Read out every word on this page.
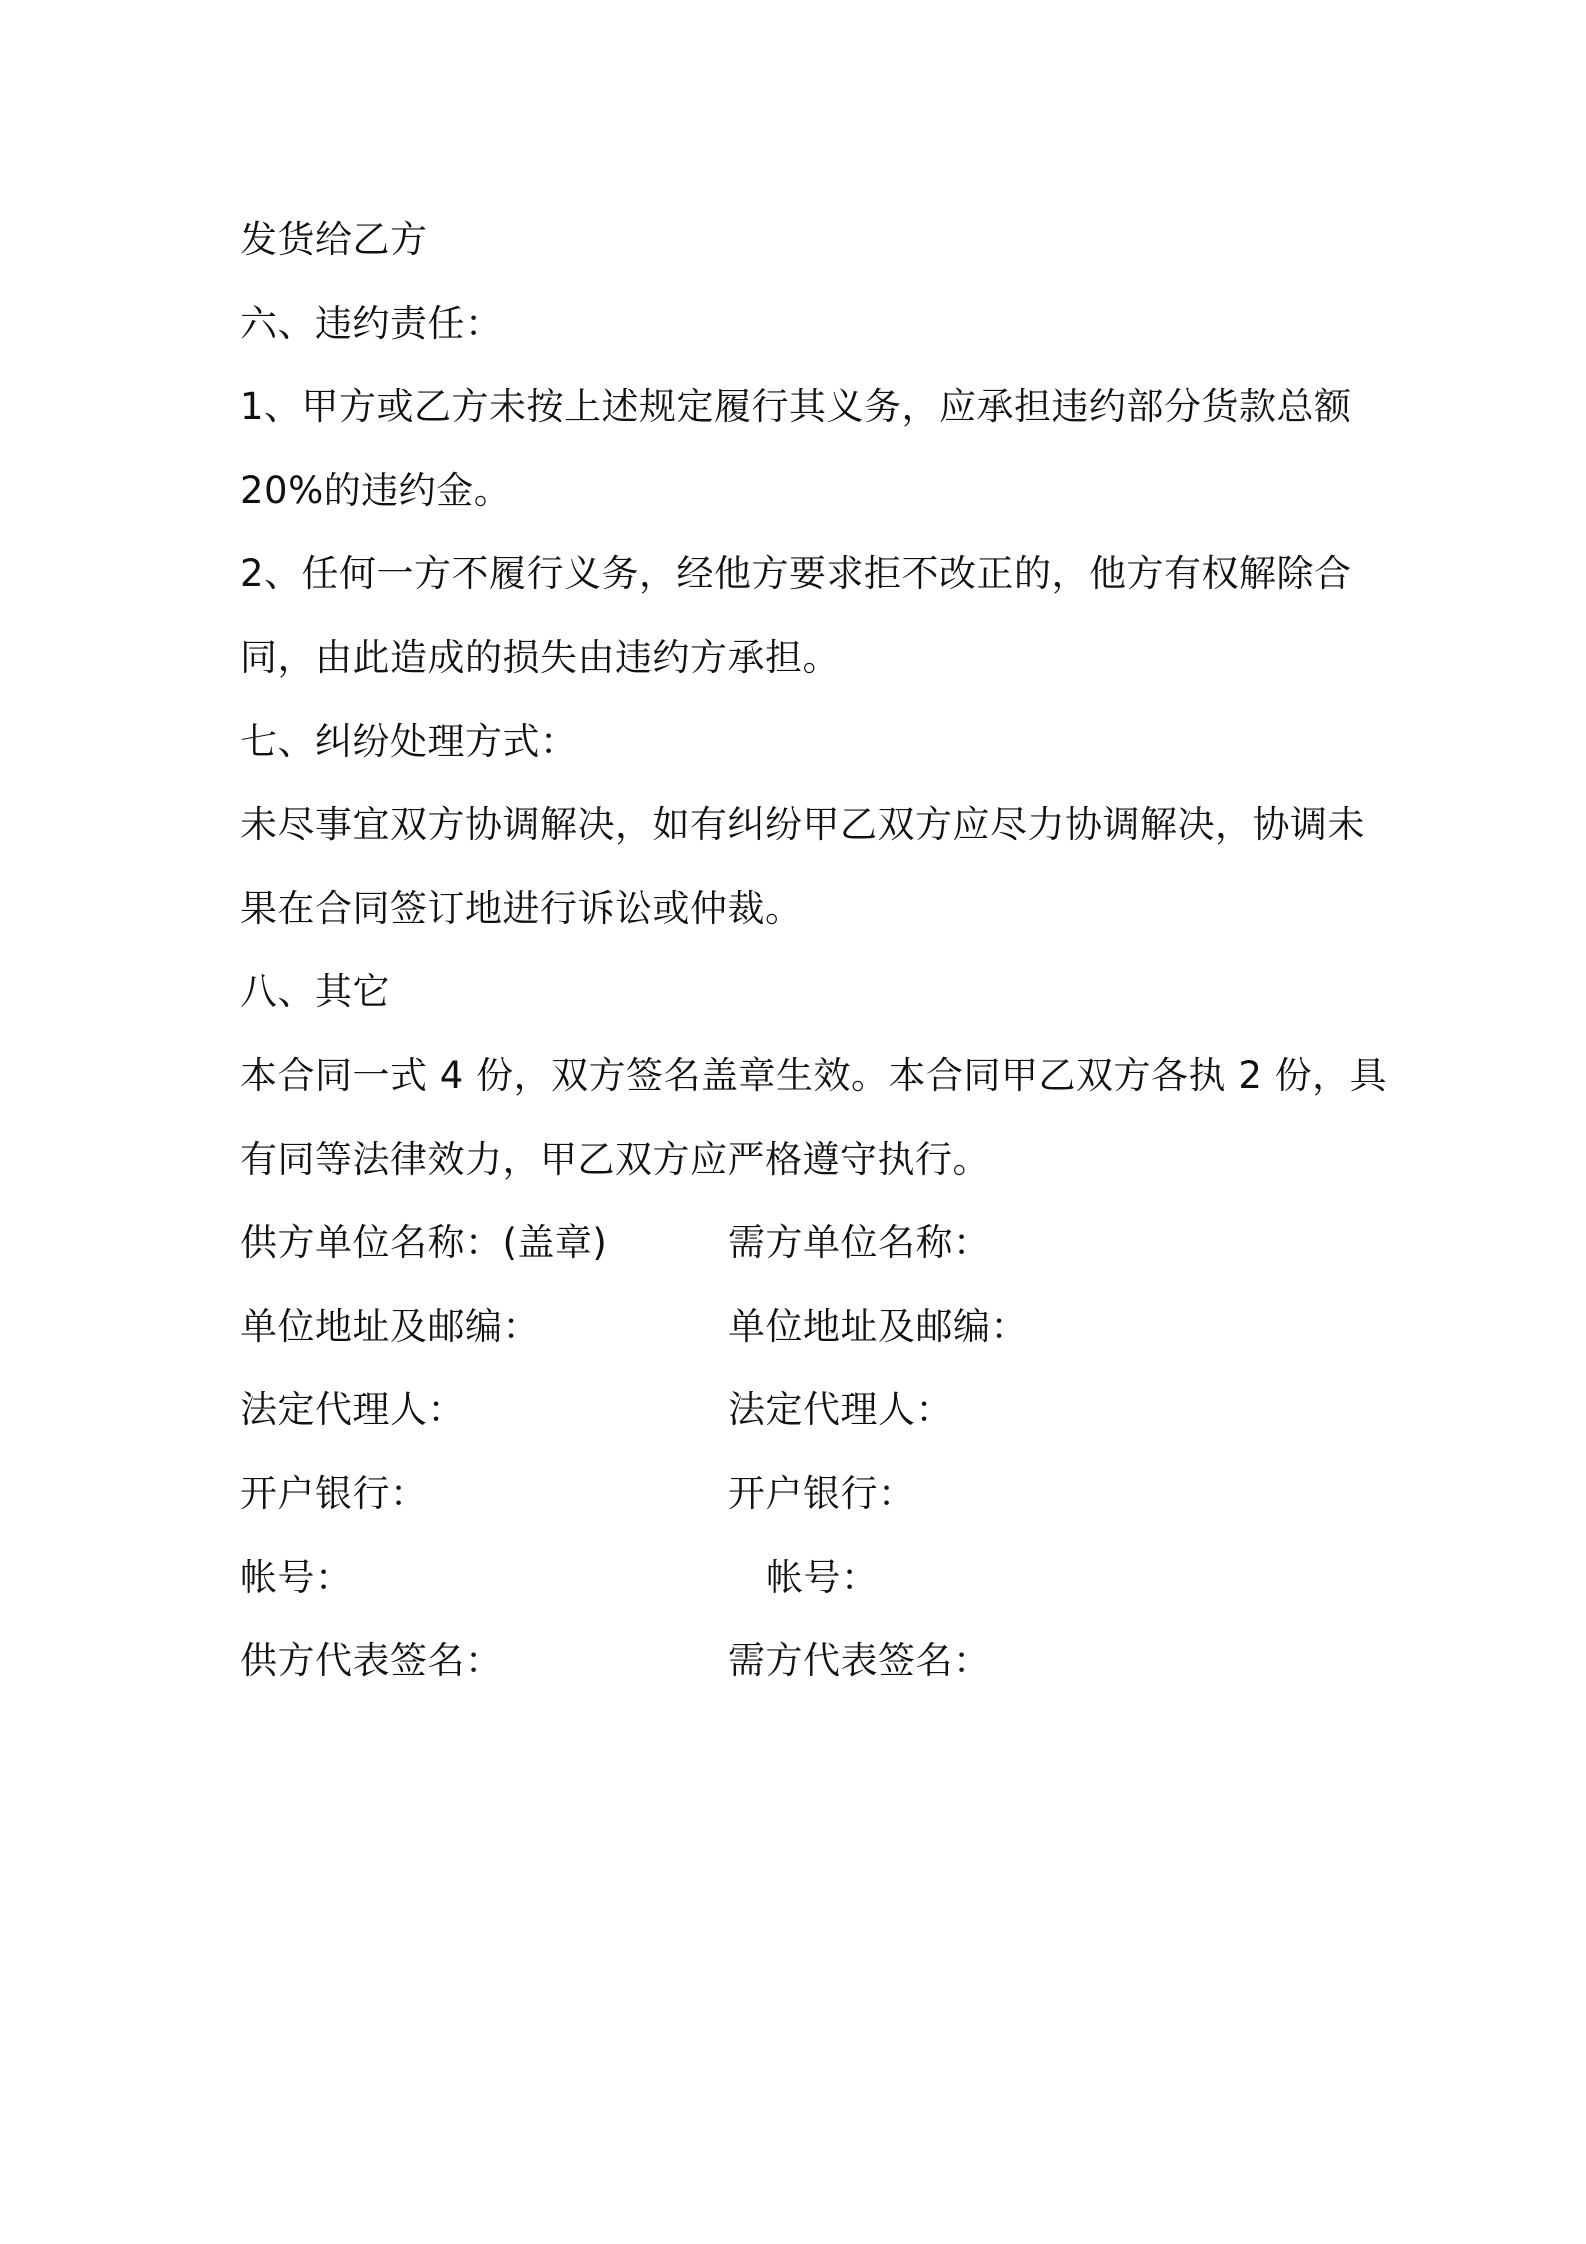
发货给乙方
六、违约责任：
1、甲方或乙方未按上述规定履行其义务，应承担违约部分货款总额
20%的违约金。
2、任何一方不履行义务，经他方要求拒不改正的，他方有权解除合
同，由此造成的损失由违约方承担。
七、纠纷处理方式：
未尽事宜双方协调解决，如有纠纷甲乙双方应尽力协调解决，协调未
果在合同签订地进行诉讼或仲裁。
八、其它
本合同一式 4 份，双方签名盖章生效。本合同甲乙双方各执 2 份，具
有同等法律效力，甲乙双方应严格遵守执行。
供方单位名称：(盖章)	需方单位名称：
单位地址及邮编：	单位地址及邮编：
法定代理人：	法定代理人：
开户银行：	开户银行：
帐号：	帐号：
供方代表签名：	需方代表签名：
